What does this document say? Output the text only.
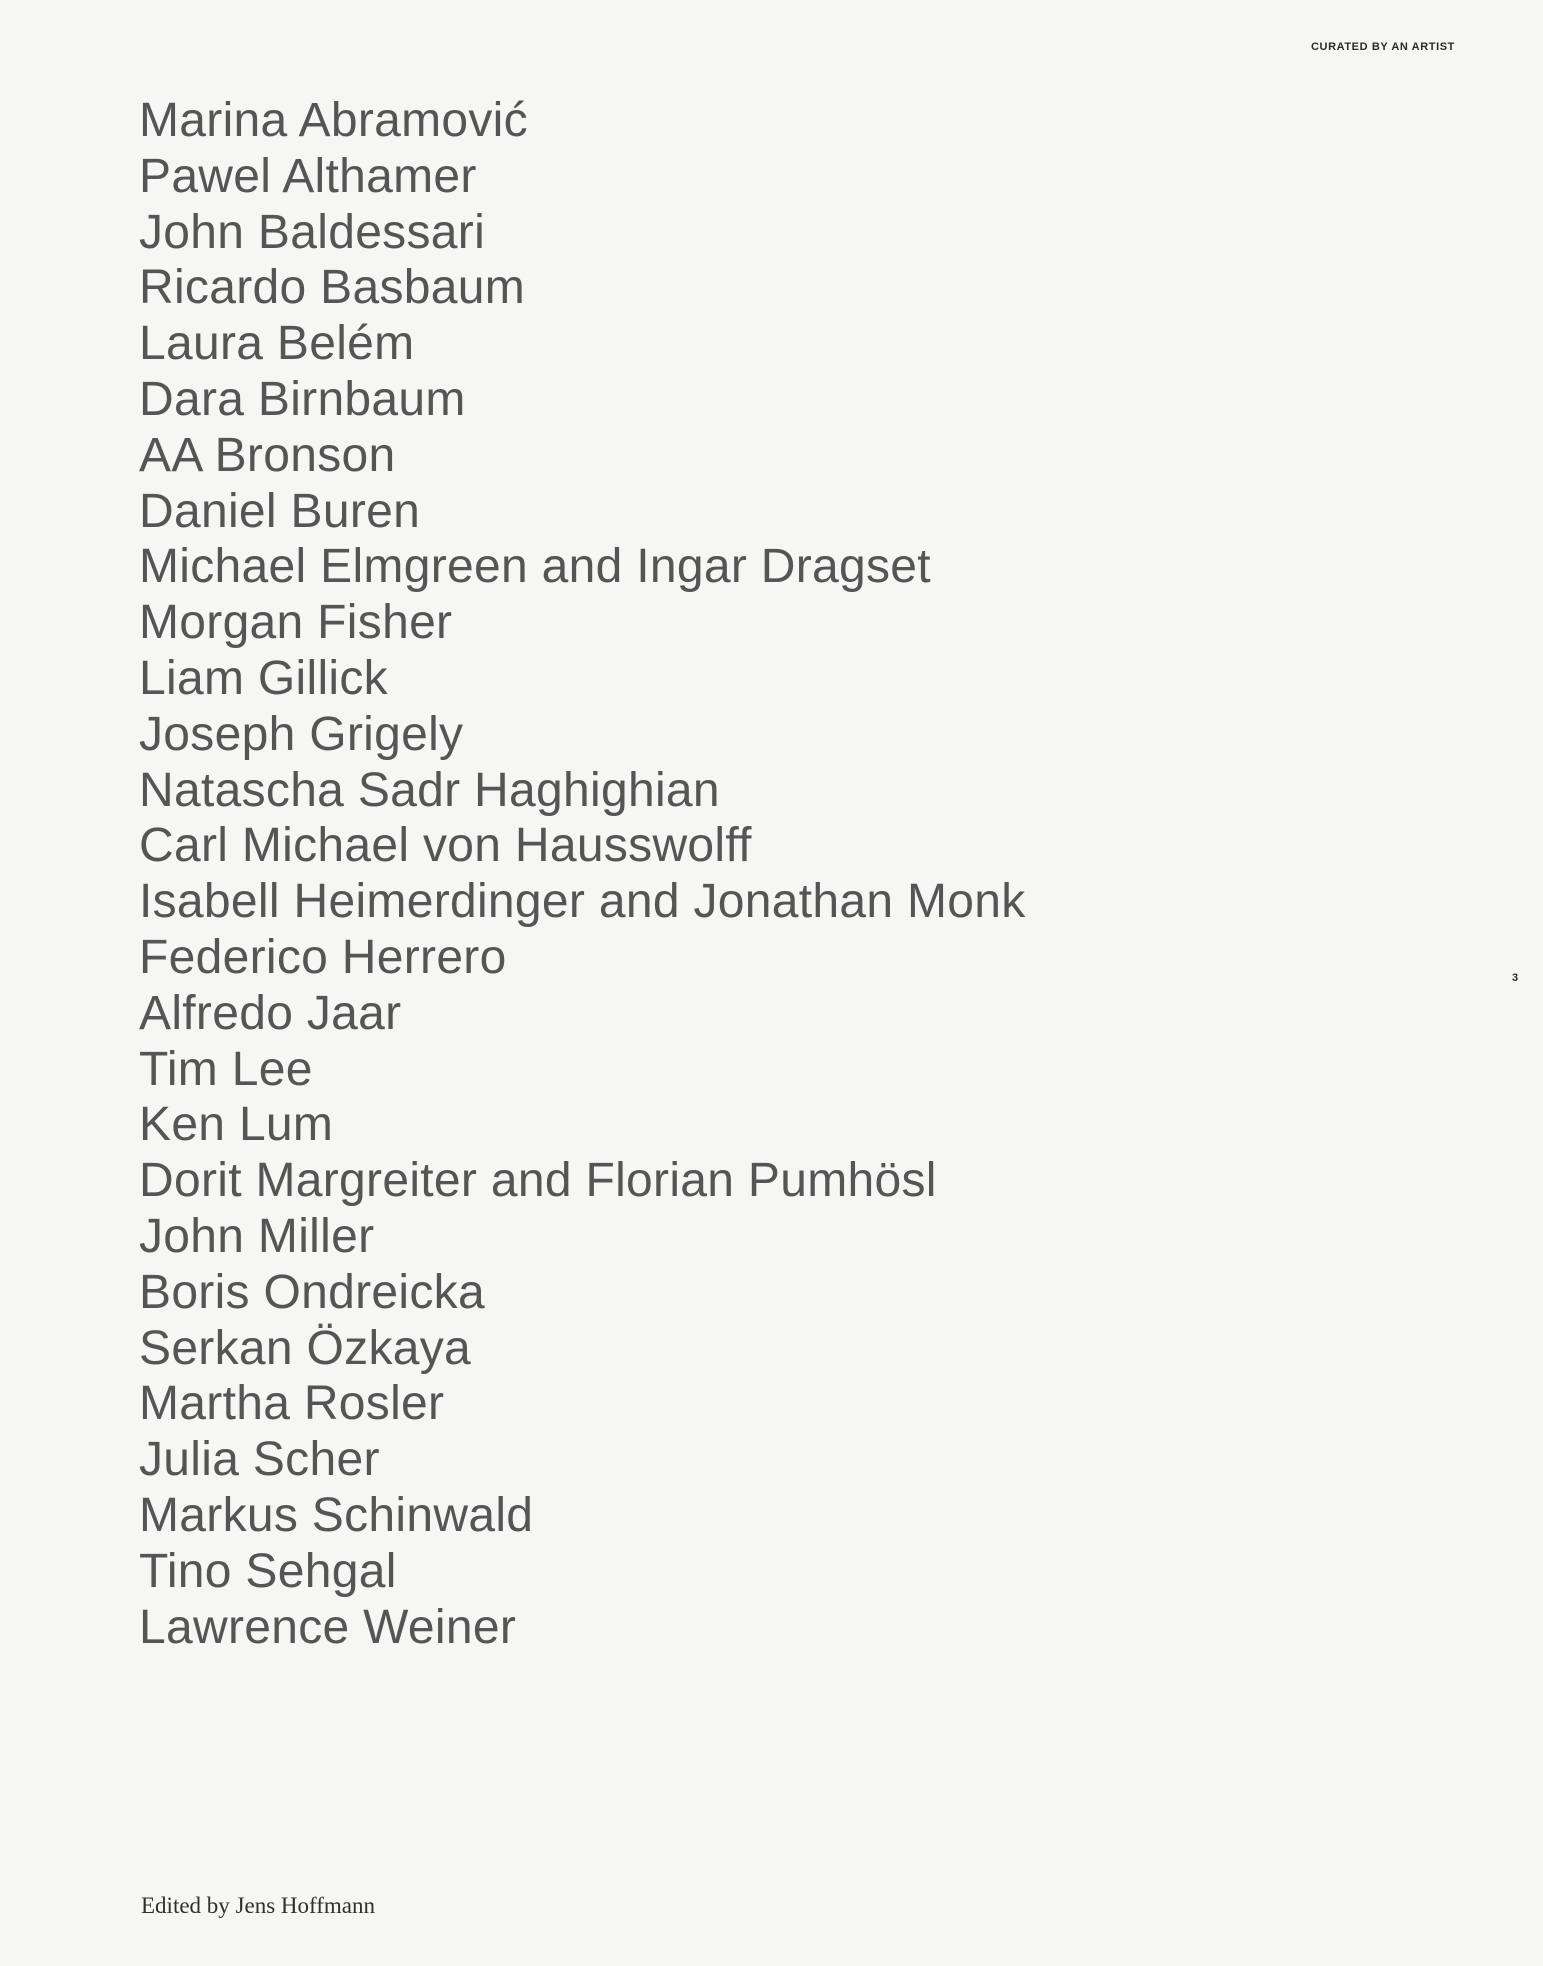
CURATED BY AN ARTIST
3
Marina Abramović
Pawel Althamer
John Baldessari
Ricardo Basbaum
Laura Belém
Dara Birnbaum
AA Bronson
Daniel Buren
Michael Elmgreen and Ingar Dragset
Morgan Fisher
Liam Gillick
Joseph Grigely
Natascha Sadr Haghighian
Carl Michael von Hausswolff
Isabell Heimerdinger and Jonathan Monk
Federico Herrero
Alfredo Jaar
Tim Lee
Ken Lum
Dorit Margreiter and Florian Pumhösl
John Miller
Boris Ondreicka
Serkan Özkaya
Martha Rosler
Julia Scher
Markus Schinwald
Tino Sehgal
Lawrence Weiner
Edited by Jens Hoffmann
